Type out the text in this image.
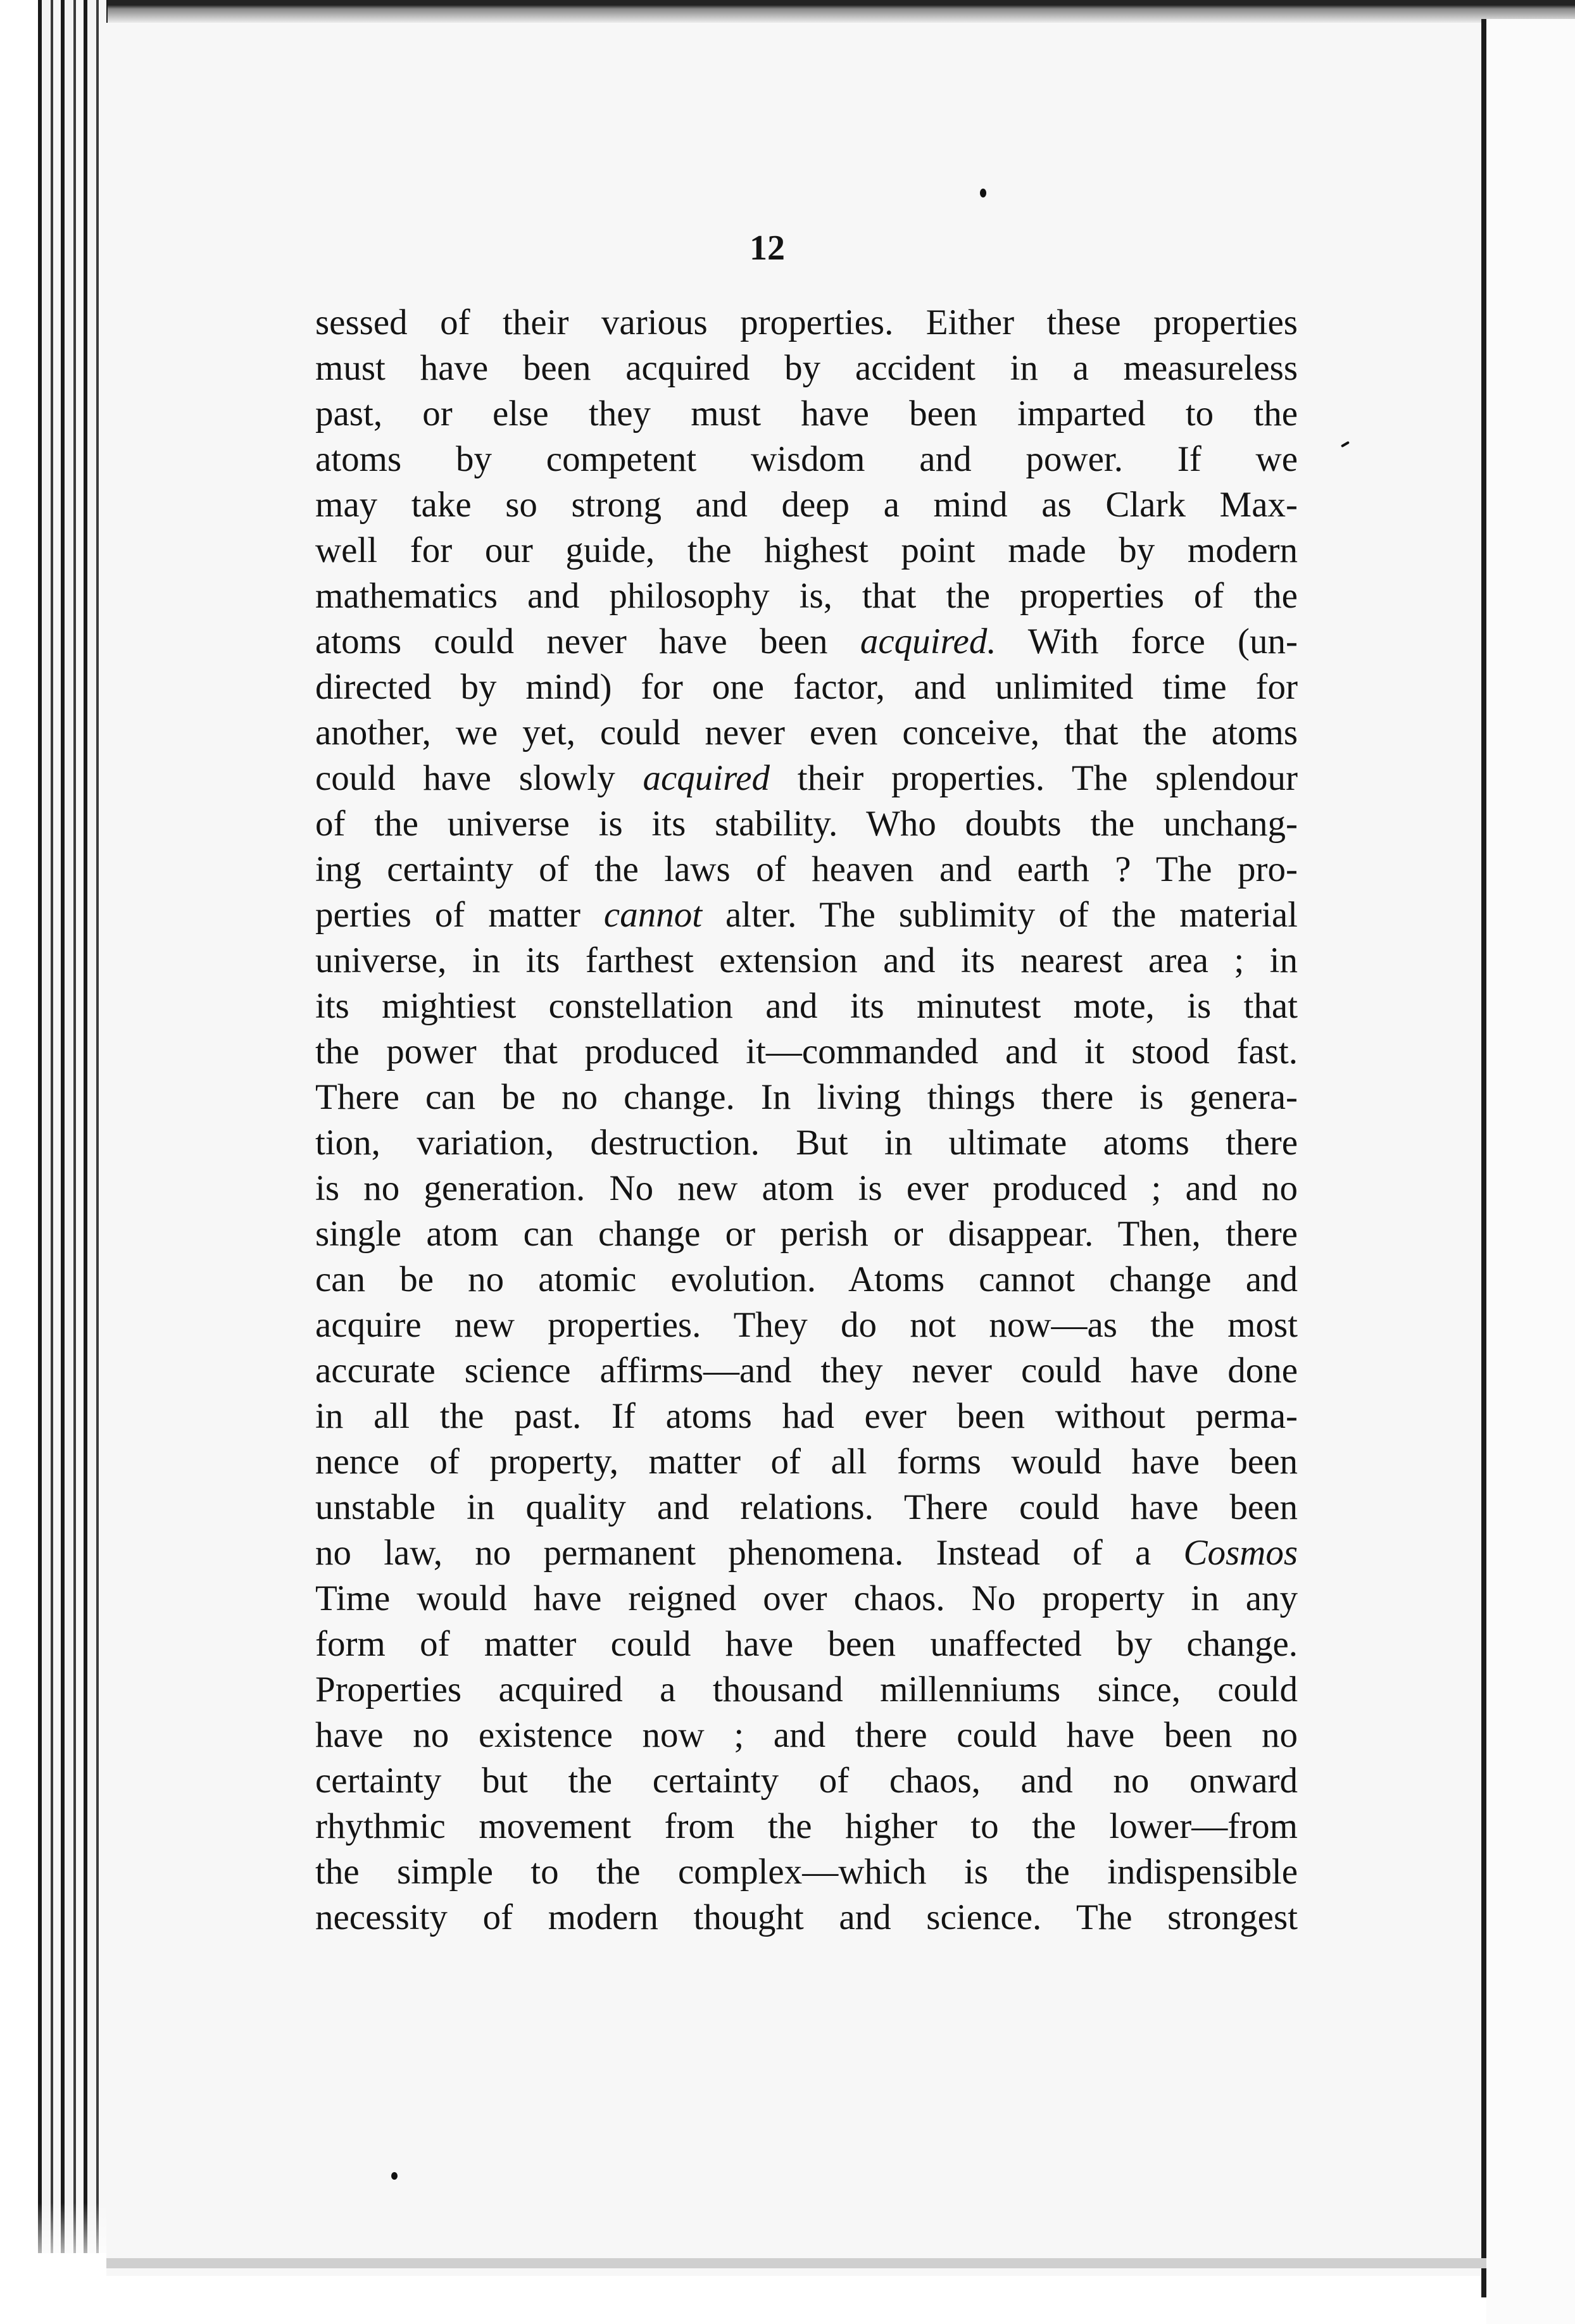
12
sessed of their various properties. Either these properties
must have been acquired by accident in a measureless
past, or else they must have been imparted to the
atoms by competent wisdom and power. If we
may take so strong and deep a mind as Clark Max-
well for our guide, the highest point made by modern
mathematics and philosophy is, that the properties of the
atoms could never have been acquired. With force (un-
directed by mind) for one factor, and unlimited time for
another, we yet, could never even conceive, that the atoms
could have slowly acquired their properties. The splendour
of the universe is its stability. Who doubts the unchang-
ing certainty of the laws of heaven and earth ? The pro-
perties of matter cannot alter. The sublimity of the material
universe, in its farthest extension and its nearest area ; in
its mightiest constellation and its minutest mote, is that
the power that produced it—commanded and it stood fast.
There can be no change. In living things there is genera-
tion, variation, destruction. But in ultimate atoms there
is no generation. No new atom is ever produced ; and no
single atom can change or perish or disappear. Then, there
can be no atomic evolution. Atoms cannot change and
acquire new properties. They do not now—as the most
accurate science affirms—and they never could have done
in all the past. If atoms had ever been without perma-
nence of property, matter of all forms would have been
unstable in quality and relations. There could have been
no law, no permanent phenomena. Instead of a Cosmos
Time would have reigned over chaos. No property in any
form of matter could have been unaffected by change.
Properties acquired a thousand millenniums since, could
have no existence now ; and there could have been no
certainty but the certainty of chaos, and no onward
rhythmic movement from the higher to the lower—from
the simple to the complex—which is the indispensible
necessity of modern thought and science. The strongest
